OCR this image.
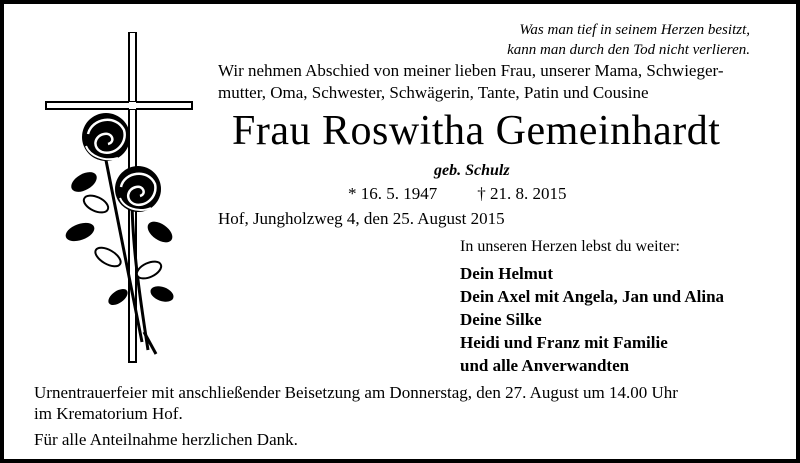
Was man tief in seinem Herzen besitzt,
kann man durch den Tod nicht verlieren.
Wir nehmen Abschied von meiner lieben Frau, unserer Mama, Schwieger-
mutter, Oma, Schwester, Schwägerin, Tante, Patin und Cousine
Frau Roswitha Gemeinhardt
geb. Schulz
* 16. 5. 1947 † 21. 8. 2015
Hof, Jungholzweg 4, den 25. August 2015
In unseren Herzen lebst du weiter:
Dein Helmut
Dein Axel mit Angela, Jan und Alina
Deine Silke
Heidi und Franz mit Familie
und alle Anverwandten
Urnentrauerfeier mit anschließender Beisetzung am Donnerstag, den 27. August um 14.00 Uhr
im Krematorium Hof.
Für alle Anteilnahme herzlichen Dank.
